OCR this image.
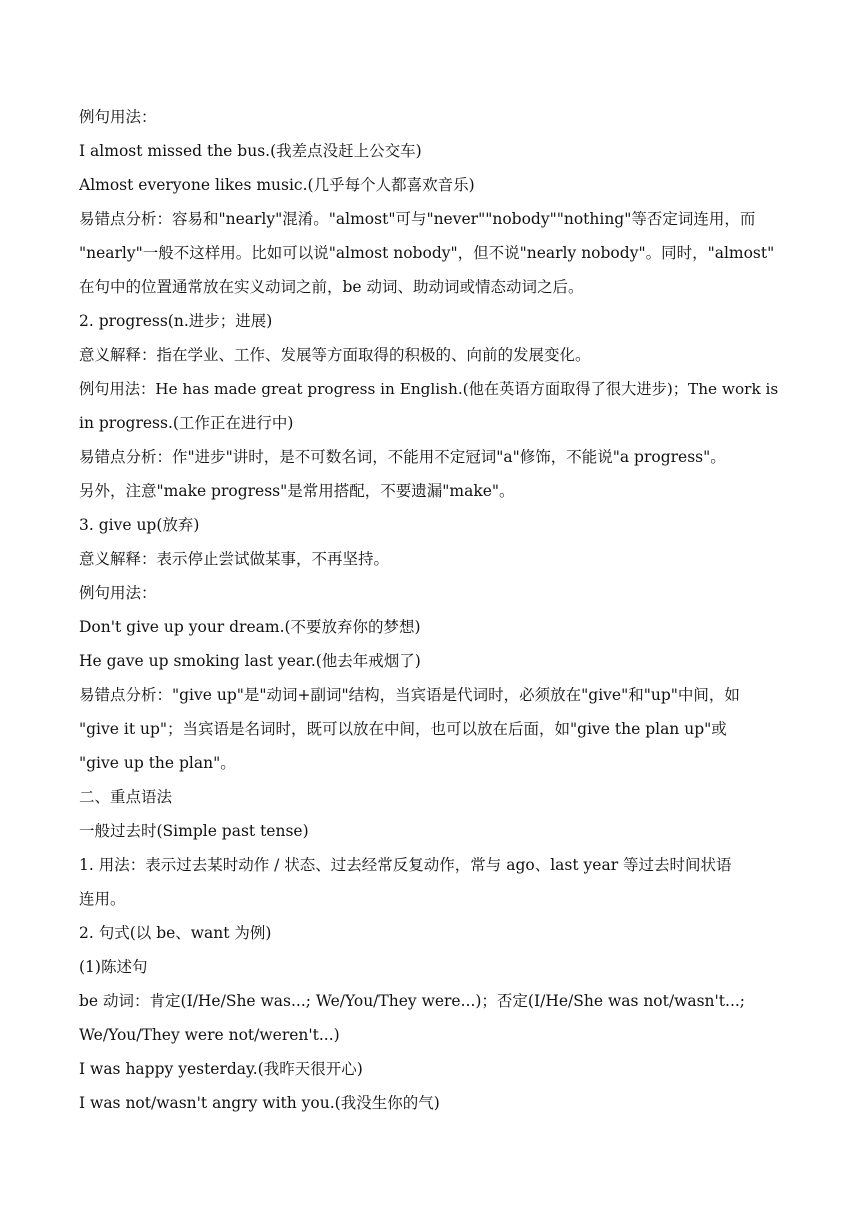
例句用法：
I almost missed the bus.(我差点没赶上公交车)
Almost everyone likes music.(几乎每个人都喜欢音乐)
易错点分析：容易和"nearly"混淆。"almost"可与"never""nobody""nothing"等否定词连用，而
"nearly"一般不这样用。比如可以说"almost nobody"，但不说"nearly nobody"。同时，"almost"
在句中的位置通常放在实义动词之前，be 动词、助动词或情态动词之后。
2. progress(n.进步；进展)
意义解释：指在学业、工作、发展等方面取得的积极的、向前的发展变化。
例句用法：He has made great progress in English.(他在英语方面取得了很大进步)；The work is
in progress.(工作正在进行中)
易错点分析：作"进步"讲时，是不可数名词，不能用不定冠词"a"修饰，不能说"a progress"。
另外，注意"make progress"是常用搭配，不要遗漏"make"。
3. give up(放弃)
意义解释：表示停止尝试做某事，不再坚持。
例句用法：
Don't give up your dream.(不要放弃你的梦想)
He gave up smoking last year.(他去年戒烟了)
易错点分析："give up"是"动词+副词"结构，当宾语是代词时，必须放在"give"和"up"中间，如
"give it up"；当宾语是名词时，既可以放在中间，也可以放在后面，如"give the plan up"或
"give up the plan"。
二、重点语法
一般过去时(Simple past tense)
1. 用法：表示过去某时动作 / 状态、过去经常反复动作，常与 ago、last year 等过去时间状语
连用。
2. 句式(以 be、want 为例)
(1)陈述句
be 动词：肯定(I/He/She was...; We/You/They were...)；否定(I/He/She was not/wasn't...;
We/You/They were not/weren't...)
I was happy yesterday.(我昨天很开心)
I was not/wasn't angry with you.(我没生你的气)
